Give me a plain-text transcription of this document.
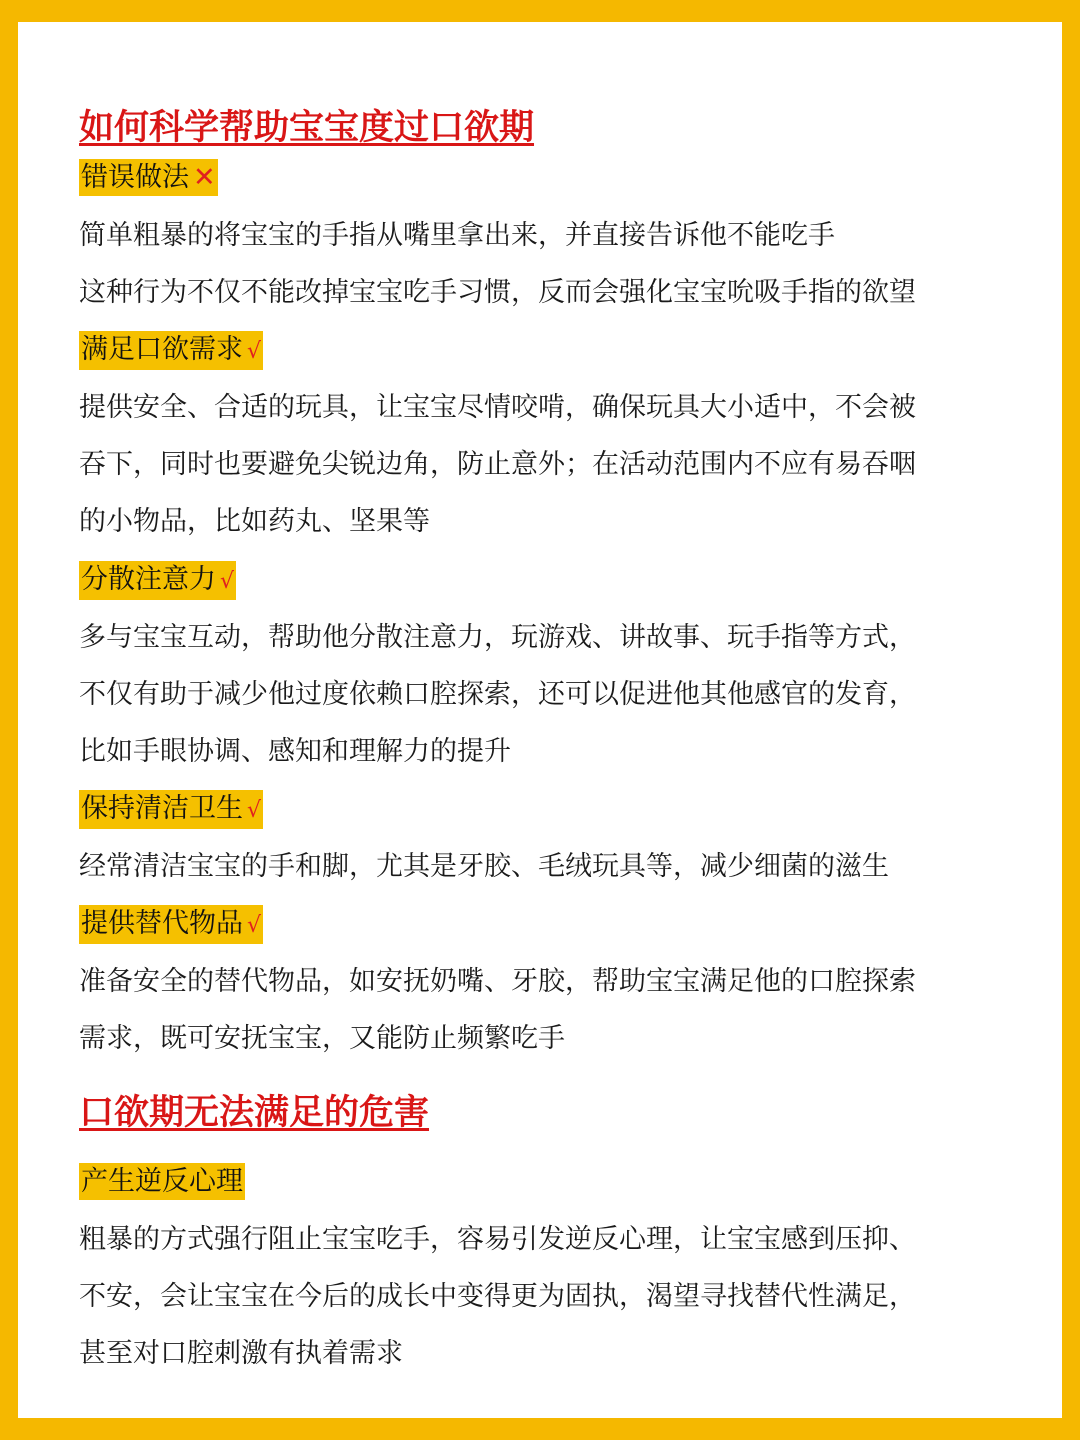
如何科学帮助宝宝度过口欲期
错误做法 ✕

简单粗暴的将宝宝的手指从嘴里拿出来，并直接告诉他不能吃手

这种行为不仅不能改掉宝宝吃手习惯，反而会强化宝宝吮吸手指的欲望

满足口欲需求 √

提供安全、合适的玩具，让宝宝尽情咬啃，确保玩具大小适中，不会被

吞下，同时也要避免尖锐边角，防止意外；在活动范围内不应有易吞咽

的小物品，比如药丸、坚果等

分散注意力 √

多与宝宝互动，帮助他分散注意力，玩游戏、讲故事、玩手指等方式，

不仅有助于减少他过度依赖口腔探索，还可以促进他其他感官的发育，

比如手眼协调、感知和理解力的提升

保持清洁卫生 √

经常清洁宝宝的手和脚，尤其是牙胶、毛绒玩具等，减少细菌的滋生

提供替代物品 √

准备安全的替代物品，如安抚奶嘴、牙胶，帮助宝宝满足他的口腔探索

需求，既可安抚宝宝，又能防止频繁吃手

口欲期无法满足的危害
产生逆反心理

粗暴的方式强行阻止宝宝吃手，容易引发逆反心理，让宝宝感到压抑、

不安，会让宝宝在今后的成长中变得更为固执，渴望寻找替代性满足，

甚至对口腔刺激有执着需求
